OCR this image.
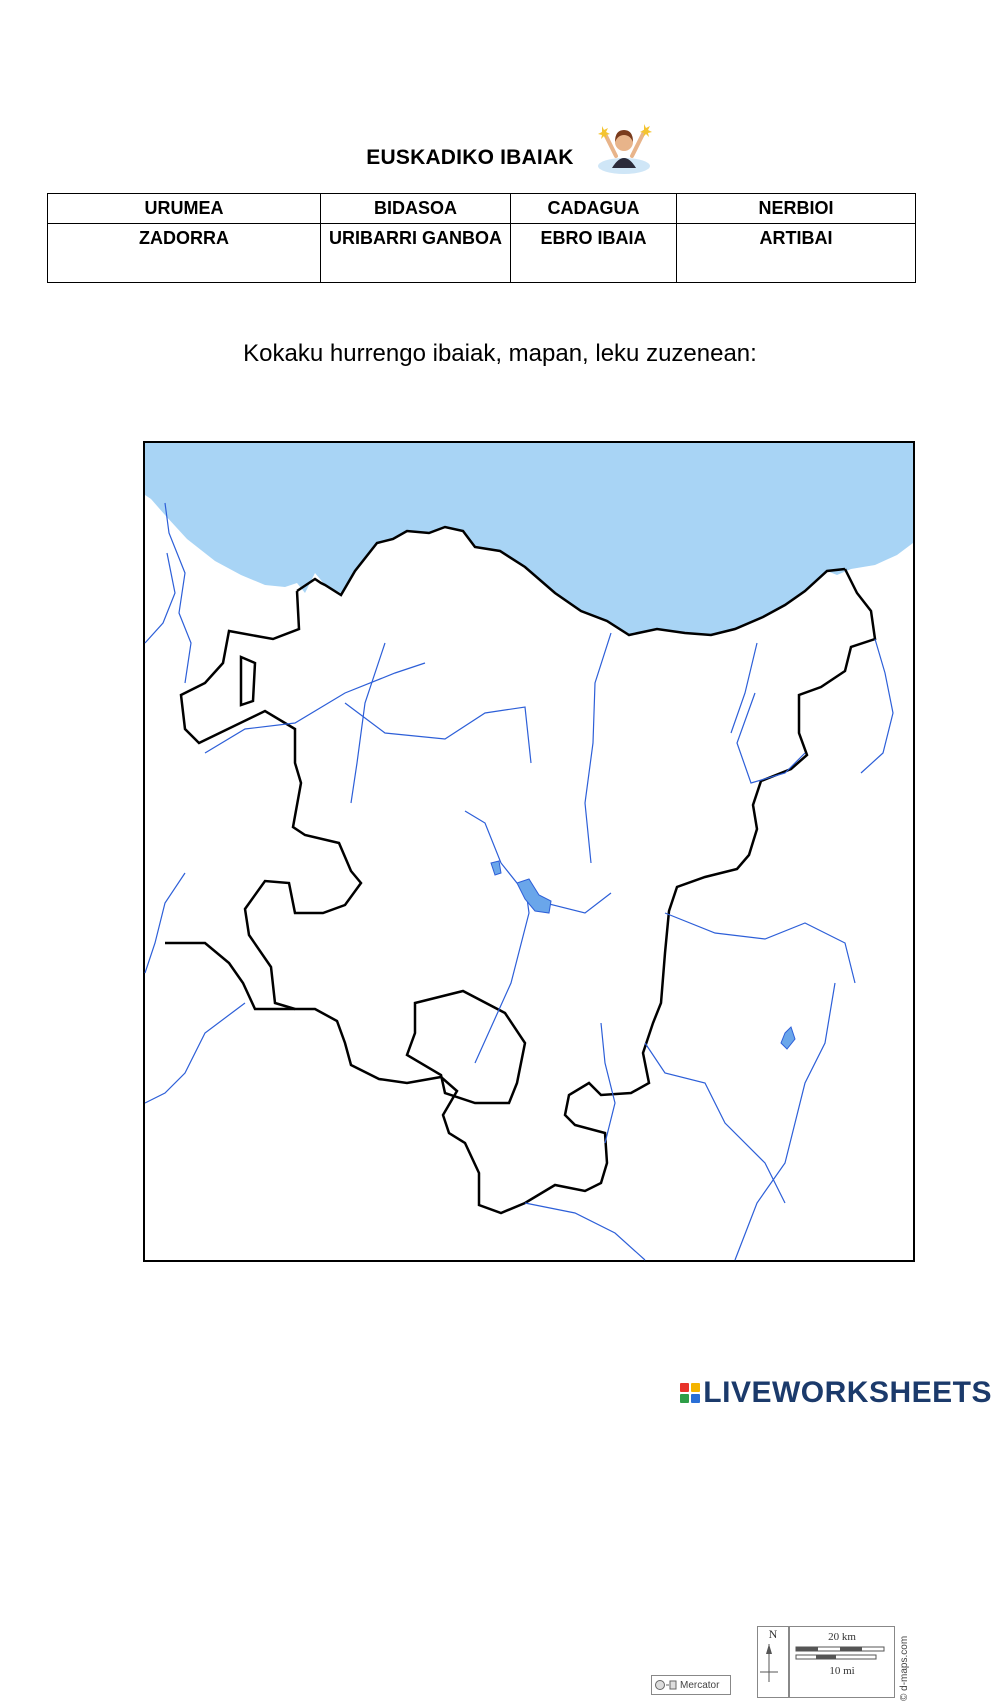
EUSKADIKO IBAIAK
URUMEA	BIDASOA	CADAGUA	NERBIOI
ZADORRA	URIBARRI GANBOA	EBRO IBAIA	ARTIBAI
Kokaku hurrengo ibaiak, mapan, leku zuzenean:
Mercator
N	20 km
10 mi	© d-maps.com
LIVEWORKSHEETS
